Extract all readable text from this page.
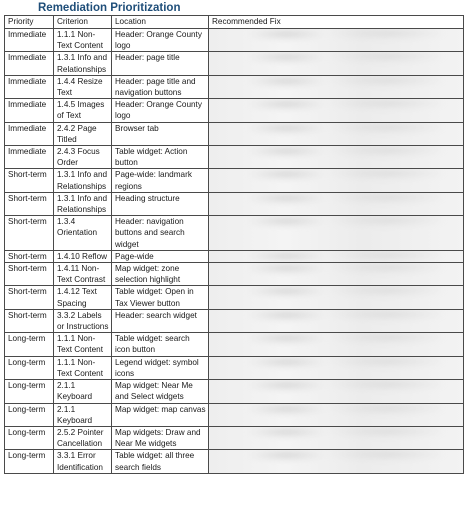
Remediation Prioritization
Priority	Criterion	Location	Recommended Fix
Immediate	1.1.1 Non-Text Content	Header: Orange County logo	

Immediate	1.3.1 Info and Relationships	Header: page title	

Immediate	1.4.4 Resize Text	Header: page title and navigation buttons	

Immediate	1.4.5 Images of Text	Header: Orange County logo	

Immediate	2.4.2 Page Titled	Browser tab	

Immediate	2.4.3 Focus Order	Table widget: Action button	

Short-term	1.3.1 Info and Relationships	Page-wide: landmark regions	

Short-term	1.3.1 Info and Relationships	Heading structure	

Short-term	1.3.4 Orientation	Header: navigation buttons and search widget	

Short-term	1.4.10 Reflow	Page-wide	

Short-term	1.4.11 Non-Text Contrast	Map widget: zone selection highlight	

Short-term	1.4.12 Text Spacing	Table widget: Open in Tax Viewer button	

Short-term	3.3.2 Labels or Instructions	Header: search widget	

Long-term	1.1.1 Non-Text Content	Table widget: search icon button	

Long-term	1.1.1 Non-Text Content	Legend widget: symbol icons	

Long-term	2.1.1 Keyboard	Map widget: Near Me and Select widgets	

Long-term	2.1.1 Keyboard	Map widget: map canvas	

Long-term	2.5.2 Pointer Cancellation	Map widgets: Draw and Near Me widgets	

Long-term	3.3.1 Error Identification	Table widget: all three search fields	
